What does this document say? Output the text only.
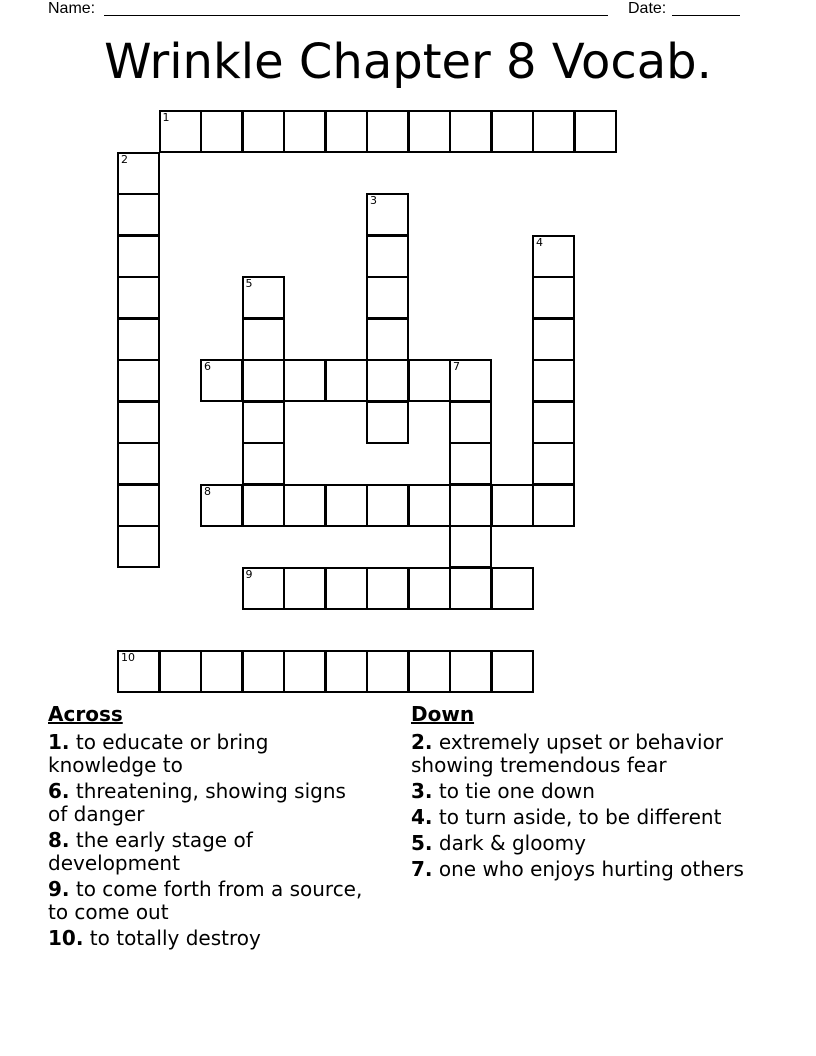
Name:	Date:
Wrinkle Chapter 8 Vocab.
1
2
3
4
5
6	7
8
9
10
Across
1. to educate or bring knowledge to
6. threatening, showing signs of danger
8. the early stage of development
9. to come forth from a source, to come out
10. to totally destroy
Down
2. extremely upset or behavior showing tremendous fear
3. to tie one down
4. to turn aside, to be different
5. dark & gloomy
7. one who enjoys hurting others
